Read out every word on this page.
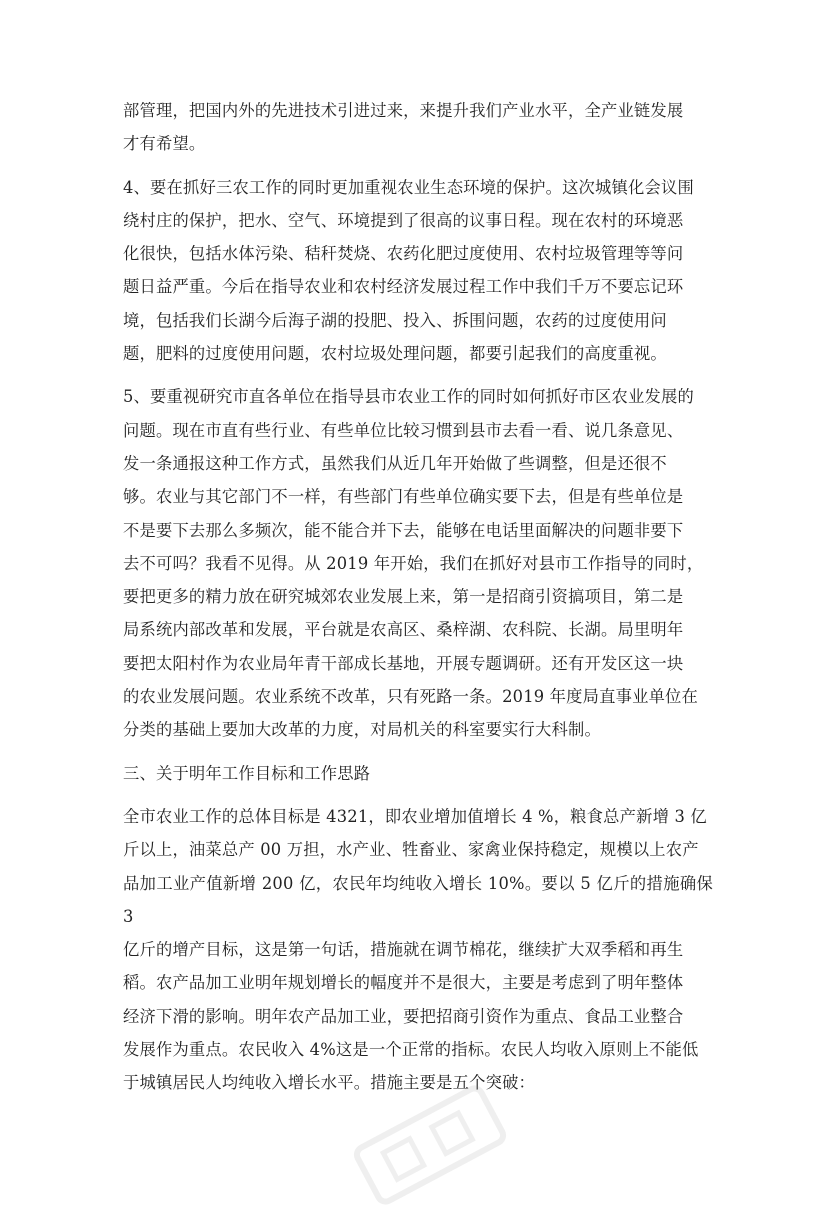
部管理，把国内外的先进技术引进过来，来提升我们产业水平，全产业链发展
才有希望。

4、要在抓好三农工作的同时更加重视农业生态环境的保护。这次城镇化会议围
绕村庄的保护，把水、空气、环境提到了很高的议事日程。现在农村的环境恶
化很快，包括水体污染、秸秆焚烧、农药化肥过度使用、农村垃圾管理等等问
题日益严重。今后在指导农业和农村经济发展过程工作中我们千万不要忘记环
境，包括我们长湖今后海子湖的投肥、投入、拆围问题，农药的过度使用问
题，肥料的过度使用问题，农村垃圾处理问题，都要引起我们的高度重视。

5、要重视研究市直各单位在指导县市农业工作的同时如何抓好市区农业发展的
问题。现在市直有些行业、有些单位比较习惯到县市去看一看、说几条意见、
发一条通报这种工作方式，虽然我们从近几年开始做了些调整，但是还很不
够。农业与其它部门不一样，有些部门有些单位确实要下去，但是有些单位是
不是要下去那么多频次，能不能合并下去，能够在电话里面解决的问题非要下
去不可吗？我看不见得。从 2019 年开始，我们在抓好对县市工作指导的同时，
要把更多的精力放在研究城郊农业发展上来，第一是招商引资搞项目，第二是
局系统内部改革和发展，平台就是农高区、桑梓湖、农科院、长湖。局里明年
要把太阳村作为农业局年青干部成长基地，开展专题调研。还有开发区这一块
的农业发展问题。农业系统不改革，只有死路一条。2019 年度局直事业单位在
分类的基础上要加大改革的力度，对局机关的科室要实行大科制。

三、关于明年工作目标和工作思路

全市农业工作的总体目标是 4321，即农业增加值增长 4 %，粮食总产新增 3 亿
斤以上，油菜总产 00 万担，水产业、牲畜业、家禽业保持稳定，规模以上农产
品加工业产值新增 200 亿，农民年均纯收入增长 10%。要以 5 亿斤的措施确保 3
亿斤的增产目标，这是第一句话，措施就在调节棉花，继续扩大双季稻和再生
稻。农产品加工业明年规划增长的幅度并不是很大，主要是考虑到了明年整体
经济下滑的影响。明年农产品加工业，要把招商引资作为重点、食品工业整合
发展作为重点。农民收入 4%这是一个正常的指标。农民人均收入原则上不能低
于城镇居民人均纯收入增长水平。措施主要是五个突破：
